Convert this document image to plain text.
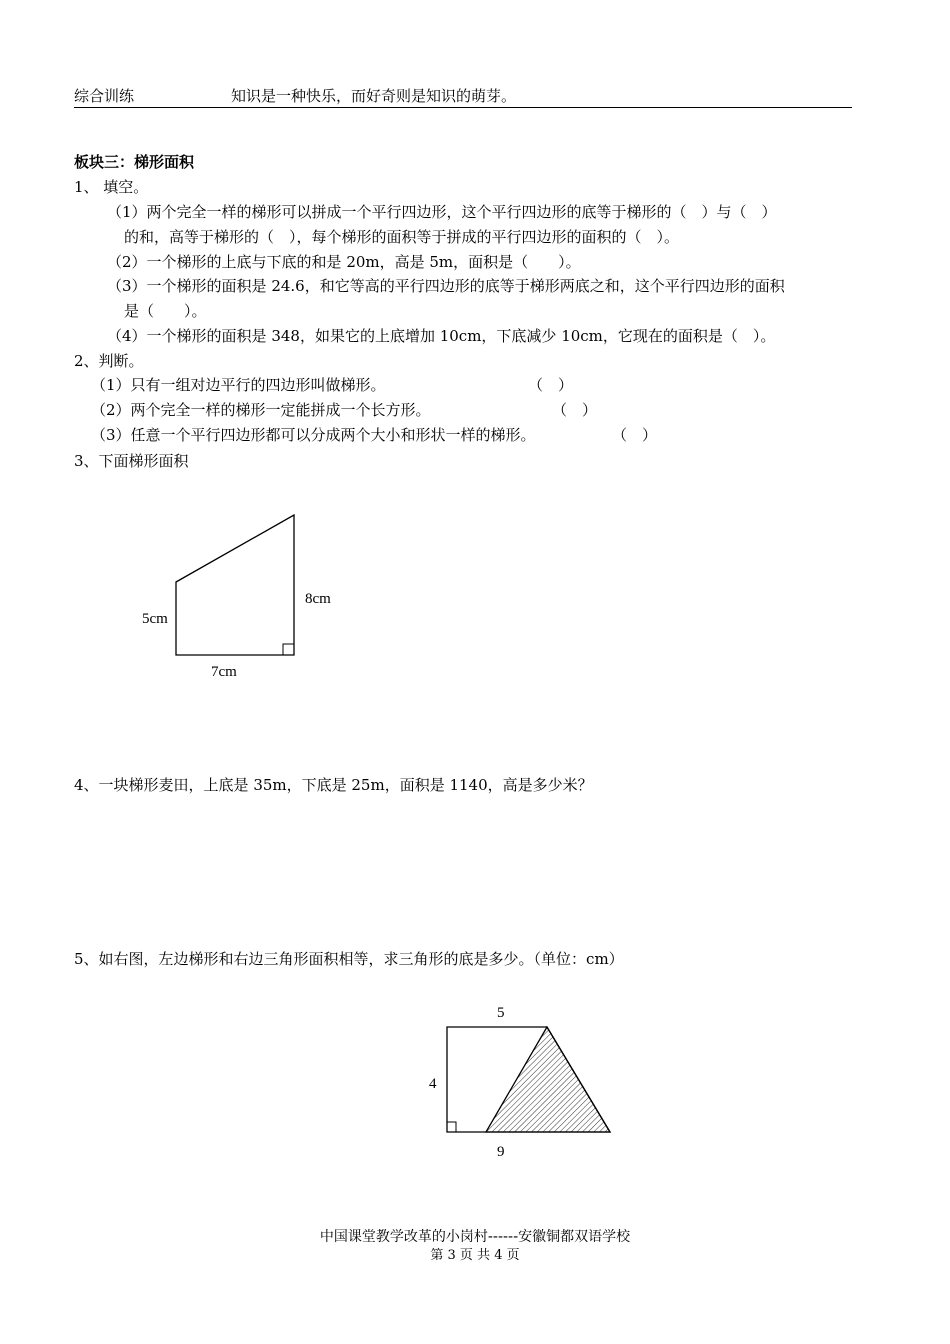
综合训练	知识是一种快乐，而好奇则是知识的萌芽。
板块三：梯形面积
1、 填空。
（1）两个完全一样的梯形可以拼成一个平行四边形，这个平行四边形的底等于梯形的（　）与（　）
的和，高等于梯形的（　），每个梯形的面积等于拼成的平行四边形的面积的（　）。
（2）一个梯形的上底与下底的和是 20m，高是 5m，面积是（　　）。
（3）一个梯形的面积是 24.6，和它等高的平行四边形的底等于梯形两底之和，这个平行四边形的面积
是（　　）。
（4）一个梯形的面积是 348，如果它的上底增加 10cm，下底减少 10cm，它现在的面积是（　）。
2、判断。
（1）只有一组对边平行的四边形叫做梯形。	（　）
（2）两个完全一样的梯形一定能拼成一个长方形。	（　）
（3）任意一个平行四边形都可以分成两个大小和形状一样的梯形。	（　）
3、下面梯形面积
5cm
8cm
7cm
4、一块梯形麦田，上底是 35m，下底是 25m，面积是 1140，高是多少米？
5、如右图，左边梯形和右边三角形面积相等，求三角形的底是多少。（单位：cm）
5
4
9
中国课堂教学改革的小岗村------安徽铜都双语学校
第 3 页 共 4 页
